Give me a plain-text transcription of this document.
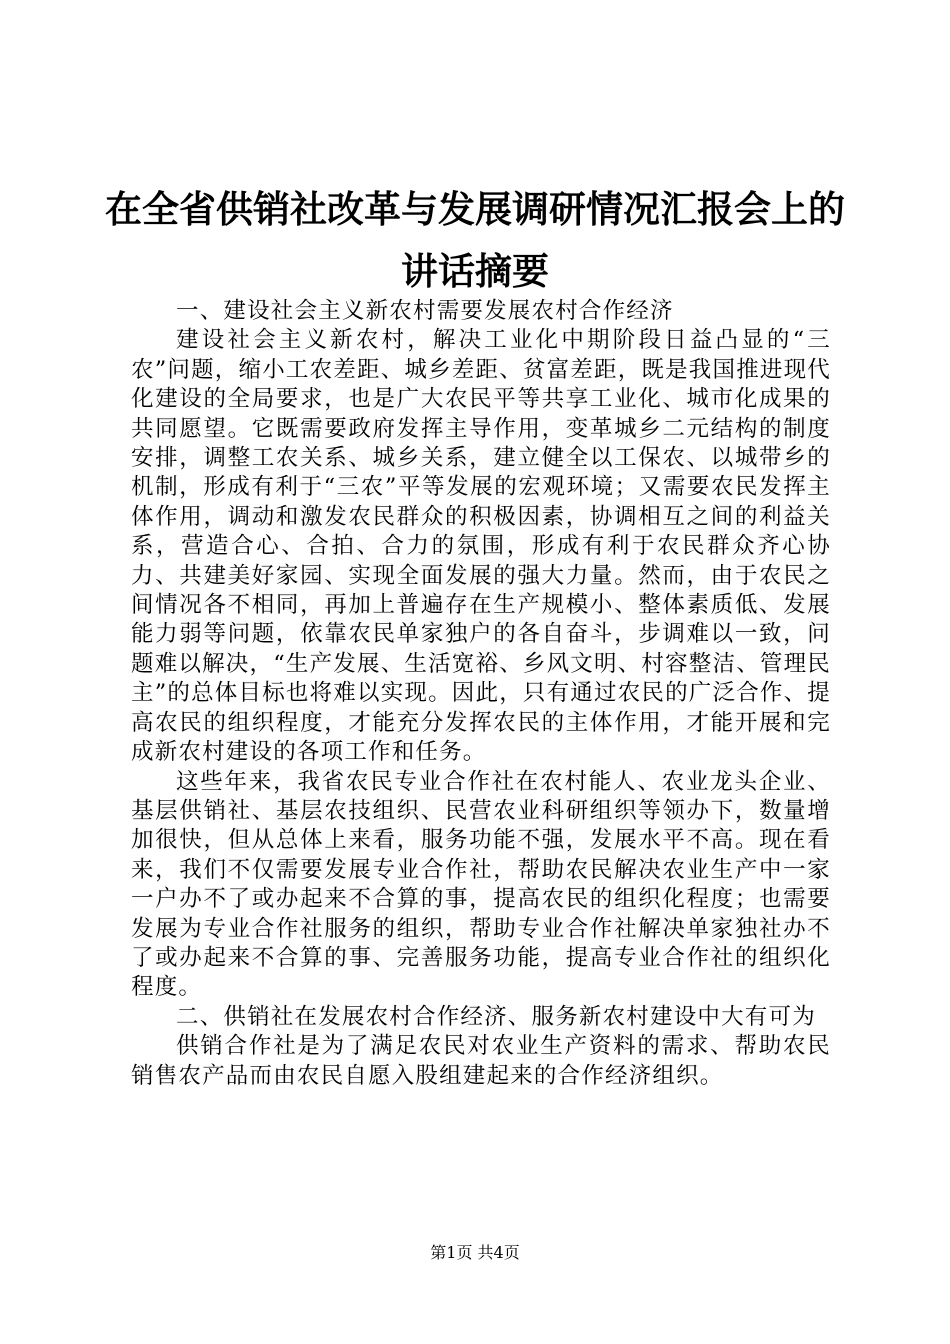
在全省供销社改革与发展调研情况汇报会上的
讲话摘要

一、建设社会主义新农村需要发展农村合作经济

建设社会主义新农村，解决工业化中期阶段日益凸显的“三农”问题，缩小工农差距、城乡差距、贫富差距，既是我国推进现代化建设的全局要求，也是广大农民平等共享工业化、城市化成果的共同愿望。它既需要政府发挥主导作用，变革城乡二元结构的制度安排，调整工农关系、城乡关系，建立健全以工保农、以城带乡的机制，形成有利于“三农”平等发展的宏观环境；又需要农民发挥主体作用，调动和激发农民群众的积极因素，协调相互之间的利益关系，营造合心、合拍、合力的氛围，形成有利于农民群众齐心协力、共建美好家园、实现全面发展的强大力量。然而，由于农民之间情况各不相同，再加上普遍存在生产规模小、整体素质低、发展能力弱等问题，依靠农民单家独户的各自奋斗，步调难以一致，问题难以解决，“生产发展、生活宽裕、乡风文明、村容整洁、管理民主”的总体目标也将难以实现。因此，只有通过农民的广泛合作、提高农民的组织程度，才能充分发挥农民的主体作用，才能开展和完成新农村建设的各项工作和任务。

这些年来，我省农民专业合作社在农村能人、农业龙头企业、基层供销社、基层农技组织、民营农业科研组织等领办下，数量增加很快，但从总体上来看，服务功能不强，发展水平不高。现在看来，我们不仅需要发展专业合作社，帮助农民解决农业生产中一家一户办不了或办起来不合算的事，提高农民的组织化程度；也需要发展为专业合作社服务的组织，帮助专业合作社解决单家独社办不了或办起来不合算的事、完善服务功能，提高专业合作社的组织化程度。

二、供销社在发展农村合作经济、服务新农村建设中大有可为

供销合作社是为了满足农民对农业生产资料的需求、帮助农民销售农产品而由农民自愿入股组建起来的合作经济组织。

第1页 共4页
